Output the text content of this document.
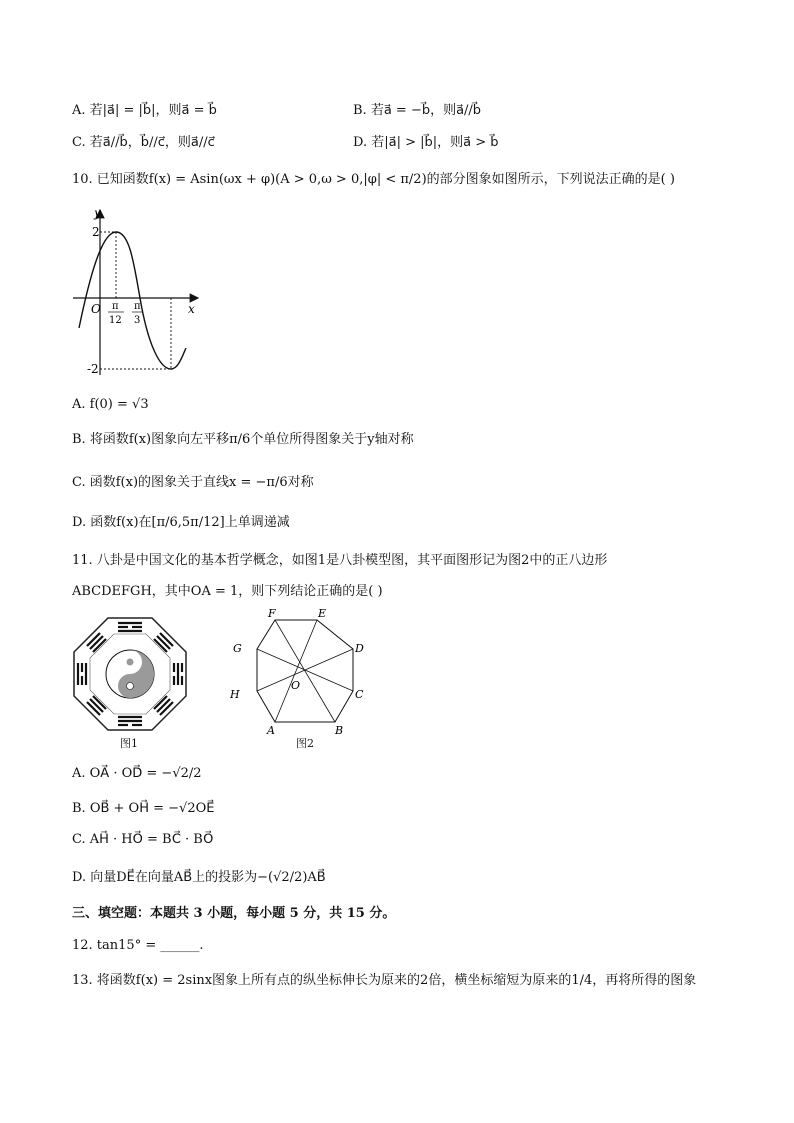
A. 若|a⃗| = |b⃗|，则a⃗ = b⃗	B. 若a⃗ = −b⃗，则a⃗//b⃗
C. 若a⃗//b⃗，b⃗//c⃗，则a⃗//c⃗	D. 若|a⃗| > |b⃗|，则a⃗ > b⃗
10. 已知函数f(x) = Asin(ωx + φ)(A > 0,ω > 0,|φ| < π/2)的部分图象如图所示，下列说法正确的是( )
y
x
O
2
-2
π
12
π
3
A. f(0) = √3
B. 将函数f(x)图象向左平移π/6个单位所得图象关于y轴对称
C. 函数f(x)的图象关于直线x = −π/6对称
D. 函数f(x)在[π/6,5π/12]上单调递减
11. 八卦是中国文化的基本哲学概念，如图1是八卦模型图，其平面图形记为图2中的正八边形
ABCDEFGH，其中OA = 1，则下列结论正确的是( )
图1
F	E
G	D
H	C
A	B
O
图2
A. OA⃗ · OD⃗ = −√2/2
B. OB⃗ + OH⃗ = −√2OE⃗
C. AH⃗ · HO⃗ = BC⃗ · BO⃗
D. 向量DE⃗在向量AB⃗上的投影为−(√2/2)AB⃗
三、填空题：本题共 3 小题，每小题 5 分，共 15 分。
12. tan15° = ______.
13. 将函数f(x) = 2sinx图象上所有点的纵坐标伸长为原来的2倍，横坐标缩短为原来的1/4，再将所得的图象
